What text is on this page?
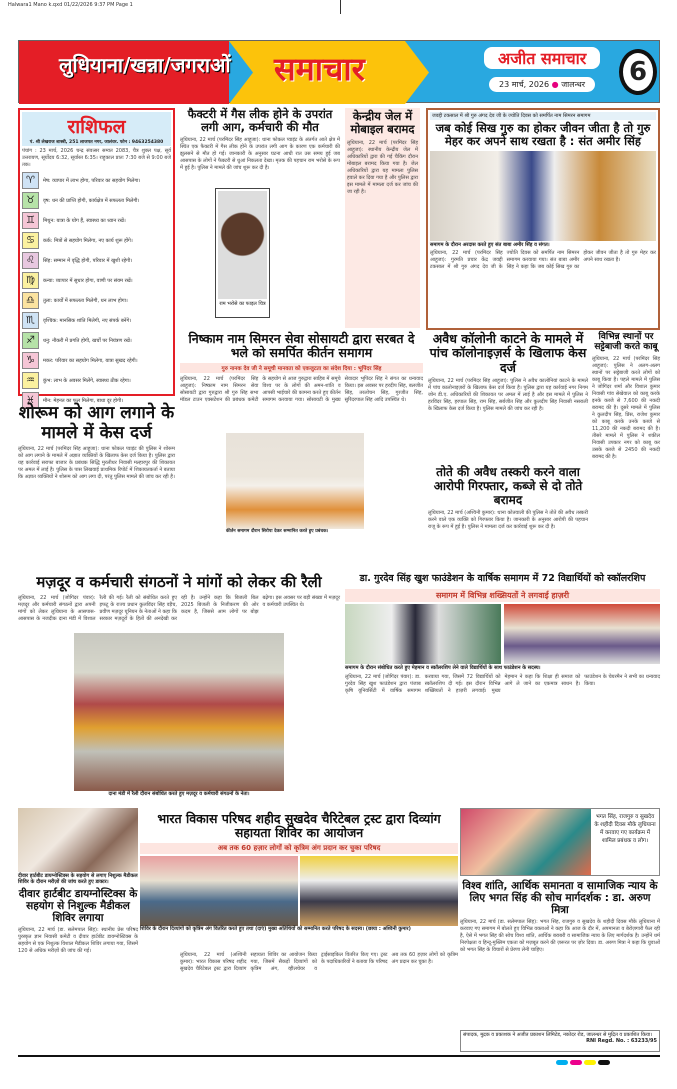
Halwara1 Mano k.qxd 01/22/2026 9:37 PM Page 1
लुधियाना/खन्ना/जगराओं समाचार	अजीत समाचार
23 मार्च, 2026 ● जालन्धर	6
राशिफल
पं. श्री लेखराज शास्त्री, 251 लाजपत नगर, जालंधर. फोन : 9463254380
पंचांग : 23 मार्च, 2026 चन्द्र संवत्सर सम्वत 2083, चैत्र शुक्ल पक्ष, सूर्य उत्तरायण, सूर्योदय 6:32, सूर्यास्त 6:35। राहुकाल प्रातः 7:30 बजे से 9:00 बजे तक।
♈	मेष: व्यापार में लाभ होगा, परिवार का सहयोग मिलेगा।
♉	वृष: धन की प्राप्ति होगी, कार्यक्षेत्र में सफलता मिलेगी।
♊	मिथुन: यात्रा के योग हैं, स्वास्थ्य का ध्यान रखें।
♋	कर्क: मित्रों से सहयोग मिलेगा, नए कार्य शुरू होंगे।
♌	सिंह: सम्मान में वृद्धि होगी, परिवार में खुशी रहेगी।
♍	कन्या: व्यापार में सुधार होगा, वाणी पर संयम रखें।
♎	तुला: कार्यों में सफलता मिलेगी, धन लाभ होगा।
♏	वृश्चिक: मानसिक शांति मिलेगी, नए संपर्क बनेंगे।
♐	धनु: नौकरी में प्रगति होगी, खर्चों पर नियंत्रण रखें।
♑	मकर: परिवार का सहयोग मिलेगा, यात्रा सुखद रहेगी।
♒	कुंभ: लाभ के अवसर मिलेंगे, स्वास्थ्य ठीक रहेगा।
♓	मीन: मेहनत का फल मिलेगा, बाधा दूर होगी।
फैक्टरी में गैस लीक होने के उपरांत लगी आग, कर्मचारी की मौत
लुधियाना, 22 मार्च (परमिंदर सिंह आहूजा): थाना फोकल प्वाइंट के अंतर्गत आते क्षेत्र में स्थित एक फैक्टरी में गैस लीक होने के उपरांत लगी आग के कारण एक कर्मचारी की झुलसने से मौत हो गई। जानकारी के अनुसार घटना आधी रात उस समय हुई जब आसपास के लोगों ने फैक्टरी से धुआं निकलता देखा। मृतक की पहचान राम भरोसे के रूप में हुई है। पुलिस ने मामले की जांच शुरू कर दी है।
राम भरोसे का फाइल चित्र
केन्द्रीय जेल में मोबाइल बरामद
लुधियाना, 22 मार्च (परमिंदर सिंह आहूजा): स्थानीय केन्द्रीय जेल में अधिकारियों द्वारा की गई चैकिंग दौरान मोबाइल बरामद किया गया है। जेल अधिकारियों द्वारा यह मामला पुलिस हवाले कर दिया गया है और पुलिस द्वारा इस मामले में मामला दर्ज कर जांच की जा रही है।
जवद्दी टकसाल में श्री गुरु अंगद देव जी के ज्योति दिवस को समर्पित नाम सिमरन समागम
जब कोई सिख गुरु का होकर जीवन जीता है तो गुरु मेहर कर अपने साथ रखता है : संत अमीर सिंह
समागम के दौरान अरदास करते हुए संत बाबा अमीर सिंह व संगत।
लुधियाना, 22 मार्च (परमिंदर सिंह आहूजा): गुरमति प्रचार केंद्र जवद्दी टकसाल में श्री गुरु अंगद देव जी के ज्योति दिवस को समर्पित नाम सिमरन समागम करवाया गया। संत बाबा अमीर सिंह ने कहा कि जब कोई सिख गुरु का होकर जीवन जीता है तो गुरु मेहर कर अपने साथ रखता है।
निष्काम नाम सिमरन सेवा सोसायटी द्वारा सरबत दे भले को समर्पित कीर्तन समागम
गुरु नानक देव जी ने समूची मानवता को एकजुटता का संदेश दिया : भूपिंदर सिंह
लुधियाना, 22 मार्च (परमिंदर सिंह आहूजा): निष्काम नाम सिमरन सेवा सोसायटी द्वारा गुरुद्वारा श्री गुरु सिंह सभा मॉडल टाउन एक्सटेंशन की प्रबंधक कमेटी के सहयोग से आज गुरुद्वारा साहिब में समूचे विश्व पर के लोगों की अमन-शांति व आपसी भाईचारे की कामना करते हुए कीर्तन समागम करवाया गया। सोसायटी के मुख्य सेवादार भूपिंदर सिंह ने संगत का धन्यवाद किया। इस अवसर पर हरदीप सिंह, बलजीत सिंह, तरलोचन सिंह, गुरजीत सिंह, सुरिंदरपाल सिंह आदि उपस्थित थे।
कीर्तन समागम दौरान सिरोपा देकर सम्मानित करते हुए प्रबंधक।
अवैध कॉलोनी काटने के मामले में पांच कॉलोनाइज़र्स के खिलाफ केस दर्ज
लुधियाना, 22 मार्च (परमिंदर सिंह आहूजा): पुलिस ने अवैध कालोनियां काटने के मामले में पांच कालोनाइज़रों के खिलाफ केस दर्ज किया है। पुलिस द्वारा यह कार्रवाई नगर निगम जोन डी.ए. अधिकारियों की शिकायत पर अमल में लाई है और इस मामले में पुलिस ने हरविंदर सिंह, हरपाल सिंह, राम सिंह, सर्बजीत सिंह और कुलदीप सिंह निवासी नसराली के खिलाफ केस दर्ज किया है। पुलिस मामले की जांच कर रही है।
तोते की अवैध तस्करी करने वाला आरोपी गिरफ्तार, कब्जे से दो तोते बरामद
लुधियाना, 22 मार्च (अश्विनी कुमार): थाना कोतवाली की पुलिस ने तोते की अवैध तस्करी करने वाले एक व्यक्ति को गिरफ्तार किया है। जानकारी के अनुसार आरोपी की पहचान राजू के रूप में हुई है। पुलिस ने मामला दर्ज कर कार्रवाई शुरू कर दी है।
विभिन्न स्थानों पर सट्टेबाजी करते काबू
लुधियाना, 22 मार्च (परमिंदर सिंह आहूजा): पुलिस ने अलग-अलग स्थानों पर सट्टेबाजी करते लोगों को काबू किया है। पहले मामले में पुलिस ने जोगिंदर शर्मा और विशाल कुमार निवासी गांव सेखेवाल को काबू करके इनके कब्जे से 7,600 की नकदी बरामद की है। दूसरे मामले में पुलिस ने कुलदीप सिंह, प्रिंस, राजेश कुमार को काबू करके उनके कब्जे से 11,200 की नकदी बरामद की है। तीसरे मामले में पुलिस ने शकील निवासी उपकार नगर को काबू कर उसके कब्जे से 2450 की नकदी बरामद की है।
शोरूम को आग लगाने के मामले में केस दर्ज
लुधियाना, 22 मार्च (परमिंदर सिंह आहूजा): थाना फोकल प्वाइंट की पुलिस ने शोरूम को आग लगाने के मामले में अज्ञात व्यक्तियों के खिलाफ केस दर्ज किया है। पुलिस द्वारा यह कार्रवाई सराफा बाजार के प्रबंधक सिद्धि मुरलीधर निवासी मल्हारपुर की शिकायत पर अमल में लाई है। पुलिस के पास लिखवाई प्राथमिक रिपोर्ट में शिकायतकर्ता ने बताया कि अज्ञात व्यक्तियों ने शोरूम को आग लगा दी, परंतु पुलिस मामले की जांच कर रही है।
मज़दूर व कर्मचारी संगठनों ने मांगों को लेकर की रैली
लुधियाना, 22 मार्च (जोगिंदर पंवार): मज़दूर और कर्मचारी संगठनों द्वारा अपनी मांगों को लेकर लुधियाना के आसपास-आसपास के नजदीक दाना मंडी में विशाल रैली की गई। रैली को संबोधित करते हुए इफटू के राज्य प्रधान कुलविंदर सिंह वड़ैच, प्रवीण मज़दूर यूनियन के नेताओं ने कहा कि सरकार मज़दूरों के हितों की अनदेखी कर रही है। उन्होंने कहा कि बिजली बिल 2025 बिजली के निजीकरण की ओर कदम है, जिससे आम लोगों पर बोझ बढ़ेगा। इस अवसर पर बड़ी संख्या में मज़दूर व कर्मचारी उपस्थित थे।
दाना मंडी में रैली दौरान संबोधित करते हुए मज़दूर व कर्मचारी संगठनों के नेता।
डा. गुरदेव सिंह खुश फाउंडेशन के वार्षिक समागम में 72 विद्यार्थियों को स्कॉलरशिप
समागम में विभिन्न शख्सियतों ने लगवाई हाज़री
समागम के दौरान संबोधित करते हुए मेहमान व स्कॉलरशिप लेने वाले विद्यार्थियों के साथ फाउंडेशन के सदस्य।
लुधियाना, 22 मार्च (जोगिंदर पंवार): डा. गुरदेव सिंह खुश फाउंडेशन द्वारा पंजाब कृषि यूनिवर्सिटी में वार्षिक समागम करवाया गया, जिसमें 72 विद्यार्थियों को स्कॉलरशिप दी गई। इस दौरान विभिन्न शख्सियतों ने हाज़री लगवाई। मुख्य मेहमान ने कहा कि शिक्षा ही समाज को आगे ले जाने का एकमात्र साधन है। फाउंडेशन के चेयरमैन ने सभी का धन्यवाद किया।
भगत सिंह, राजगुरु व सुखदेव के शहीदी दिवस मौके लुधियाना में करवाए गए कार्यक्रम में शामिल प्रबंधक व लोग।
भारत विकास परिषद शहीद सुखदेव चैरिटेबल ट्रस्ट द्वारा दिव्यांग सहायता शिविर का आयोजन
अब तक 60 हज़ार लोगों को कृत्रिम अंग प्रदान कर चुका परिषद
शिविर के दौरान दिव्यांगों को कृत्रिम अंग वितरित करते हुए तथा (दाएं) मुख्य अतिथियों को सम्मानित करते परिषद के सदस्य। (छाया : अश्विनी कुमार)
लुधियाना, 22 मार्च (अश्विनी कुमार): भारत विकास परिषद शहीद सुखदेव चैरिटेबल ट्रस्ट द्वारा दिव्यांग सहायता शिविर का आयोजन किया गया, जिसमें सैकड़ों दिव्यांगों को कृत्रिम अंग, व्हीलचेयर व ट्राईसाइकिल वितरित किए गए। ट्रस्ट के पदाधिकारियों ने बताया कि परिषद अब तक 60 हज़ार लोगों को कृत्रिम अंग प्रदान कर चुका है।
दीवार हार्टबीट डायग्नोस्टिक्स के सहयोग से लगाए निशुल्क मैडीकल शिविर के दौरान मरीज़ों की जांच करते हुए डाक्टर।
दीवार हार्टबीट डायग्नोस्टिक्स के सहयोग से निशुल्क मैडीकल शिविर लगाया
लुधियाना, 22 मार्च (डा. सलेमपाल सिंह): स्थानीय प्रेस परिषद पुरस्कृत ज्ञान निवासी कमेटी व दीवार हार्टबीट डायग्नोस्टिक्स के सहयोग से एक निशुल्क विशाल मैडीकल शिविर लगाया गया, जिसमें 120 से अधिक मरीज़ों की जांच की गई।
विश्व शांति, आर्थिक समानता व सामाजिक न्याय के लिए भगत सिंह की सोच मार्गदर्शक : डा. अरुण मित्रा
लुधियाना, 22 मार्च (डा. सलेमपाल सिंह): भगत सिंह, राजगुरु व सुखदेव के शहीदी दिवस मौके लुधियाना में करवाए गए समागम में बोलते हुए विभिन्न वक्ताओं ने कहा कि आज के दौर में, अपमानता व बेरोज़गारी फैल रही है, ऐसे में भगत सिंह की सोच विश्व शांति, आर्थिक बराबरी व सामाजिक न्याय के लिए मार्गदर्शक है। उन्होंने धर्म निरपेक्षता व हिन्दू-मुस्लिम एकता को मज़बूत करने की ज़रूरत पर ज़ोर दिया। डा. अरुण मित्रा ने कहा कि युवाओं को भगत सिंह के विचारों से प्रेरणा लेनी चाहिए।
संपादक, मुद्रक व प्रकाशक ने अजीत प्रकाशन लिमिटेड, नकोदर रोड, जालन्धर से मुद्रित व प्रकाशित किया।
RNI Regd. No. : 63233/95
